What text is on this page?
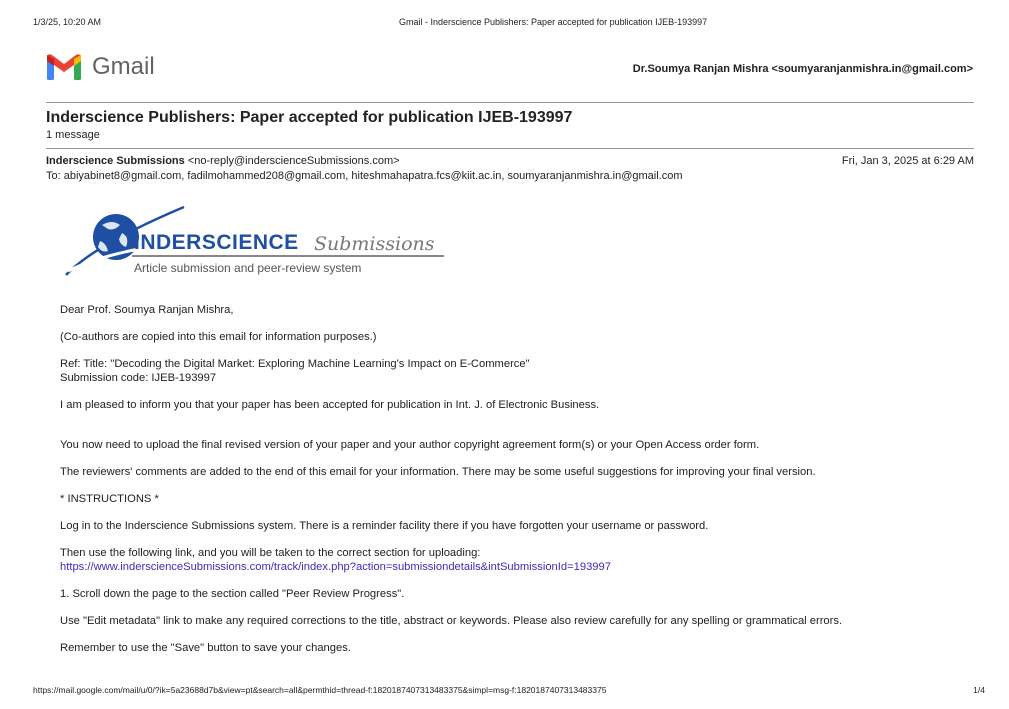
1/3/25, 10:20 AM	Gmail - Inderscience Publishers: Paper accepted for publication IJEB-193997
Gmail	Dr.Soumya Ranjan Mishra <soumyaranjanmishra.in@gmail.com>
Inderscience Publishers: Paper accepted for publication IJEB-193997
1 message
Inderscience Submissions <no-reply@inderscienceSubmissions.com>	Fri, Jan 3, 2025 at 6:29 AM
To: abiyabinet8@gmail.com, fadilmohammed208@gmail.com, hiteshmahapatra.fcs@kiit.ac.in, soumyaranjanmishra.in@gmail.com
INDERSCIENCE Submissions
Article submission and peer-review system
Dear Prof. Soumya Ranjan Mishra,
(Co-authors are copied into this email for information purposes.)
Ref: Title: "Decoding the Digital Market: Exploring Machine Learning's Impact on E-Commerce"
Submission code: IJEB-193997
I am pleased to inform you that your paper has been accepted for publication in Int. J. of Electronic Business.
You now need to upload the final revised version of your paper and your author copyright agreement form(s) or your Open Access order form.
The reviewers' comments are added to the end of this email for your information. There may be some useful suggestions for improving your final version.
* INSTRUCTIONS *
Log in to the Inderscience Submissions system. There is a reminder facility there if you have forgotten your username or password.
Then use the following link, and you will be taken to the correct section for uploading:
https://www.inderscienceSubmissions.com/track/index.php?action=submissiondetails&intSubmissionId=193997
1. Scroll down the page to the section called "Peer Review Progress".
Use "Edit metadata" link to make any required corrections to the title, abstract or keywords. Please also review carefully for any spelling or grammatical errors.
Remember to use the "Save" button to save your changes.
https://mail.google.com/mail/u/0/?ik=5a23688d7b&view=pt&search=all&permthid=thread-f:1820187407313483375&simpl=msg-f:1820187407313483375	1/4
